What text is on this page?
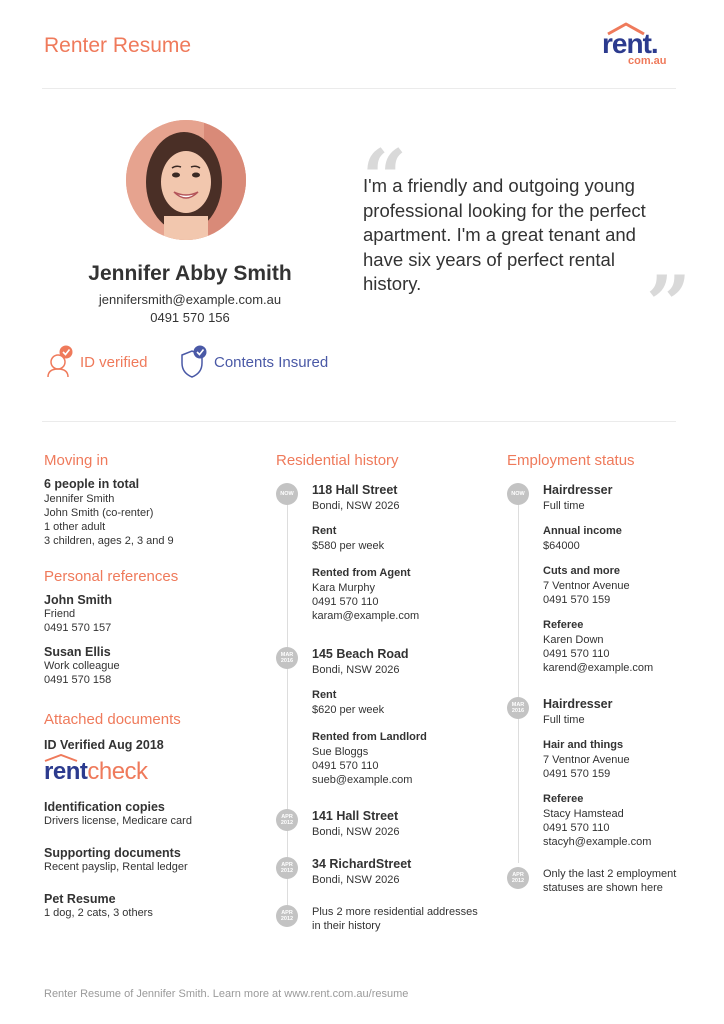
Renter Resume	rent.
com.au
Jennifer Abby Smith
jennifersmith@example.com.au
0491 570 156
ID verified	Contents Insured
“
I'm a friendly and outgoing young professional looking for the perfect apartment. I'm a great tenant and have six years of perfect rental history.	”
Moving in
6 people in total
Jennifer Smith
John Smith (co-renter)
1 other adult
3 children, ages 2, 3 and 9
Personal references
John Smith
Friend
0491 570 157
Susan Ellis
Work colleague
0491 570 158
Attached documents
ID Verified Aug 2018
rentcheck
Identification copies
Drivers license, Medicare card
Supporting documents
Recent payslip, Rental ledger
Pet Resume
1 dog, 2 cats, 3 others
Residential history
NOW 118 Hall Street
Bondi, NSW 2026
Rent
$580 per week
Rented from Agent
Kara Murphy
0491 570 110
karam@example.com
MAR
2016 145 Beach Road
Bondi, NSW 2026
Rent
$620 per week
Rented from Landlord
Sue Bloggs
0491 570 110
sueb@example.com
APR
2012 141 Hall Street
Bondi, NSW 2026
APR
2012 34 RichardStreet
Bondi, NSW 2026
APR
2012
Plus 2 more residential addresses in their history
Employment status
NOW Hairdresser
Full time
Annual income
$64000
Cuts and more
7 Ventnor Avenue
0491 570 159
Referee
Karen Down
0491 570 110
karend@example.com
MAR
2016 Hairdresser
Full time
Hair and things
7 Ventnor Avenue
0491 570 159
Referee
Stacy Hamstead
0491 570 110
stacyh@example.com
APR
2012
Only the last 2 employment statuses are shown here
Renter Resume of Jennifer Smith. Learn more at www.rent.com.au/resume
